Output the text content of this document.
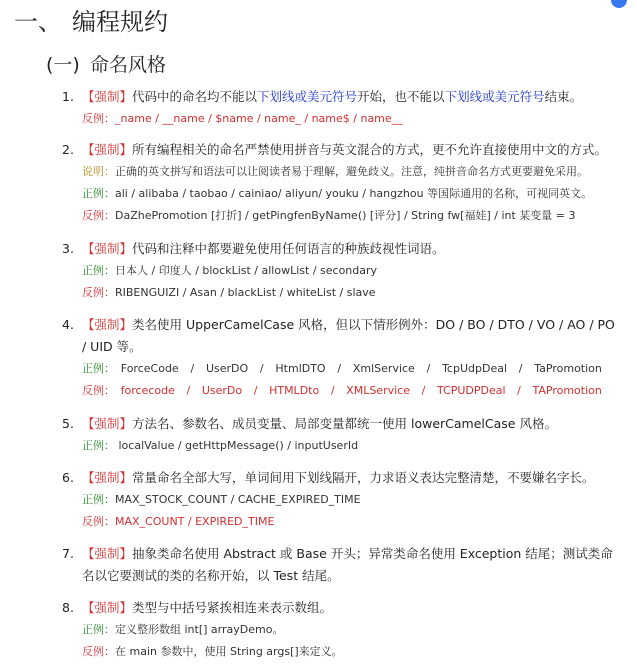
一、 编程规约
(一) 命名风格
1. 【强制】代码中的命名均不能以下划线或美元符号开始，也不能以下划线或美元符号结束。
反例：_name / __name / $name / name_ / name$ / name__
2. 【强制】所有编程相关的命名严禁使用拼音与英文混合的方式，更不允许直接使用中文的方式。
说明：正确的英文拼写和语法可以让阅读者易于理解，避免歧义。注意，纯拼音命名方式更要避免采用。
正例：ali / alibaba / taobao / cainiao/ aliyun/ youku / hangzhou 等国际通用的名称，可视同英文。
反例：DaZhePromotion [打折] / getPingfenByName() [评分] / String fw[福娃] / int 某变量 = 3
3. 【强制】代码和注释中都要避免使用任何语言的种族歧视性词语。
正例：日本人 / 印度人 / blockList / allowList / secondary
反例：RIBENGUIZI / Asan / blackList / whiteList / slave
4. 【强制】类名使用 UpperCamelCase 风格，但以下情形例外：DO / BO / DTO / VO / AO / PO / UID 等。
正例： ForceCode / UserDO / HtmlDTO / XmlService / TcpUdpDeal / TaPromotion
反例： forcecode / UserDo / HTMLDto / XMLService / TCPUDPDeal / TAPromotion
5. 【强制】方法名、参数名、成员变量、局部变量都统一使用 lowerCamelCase 风格。
正例： localValue / getHttpMessage() / inputUserId
6. 【强制】常量命名全部大写，单词间用下划线隔开，力求语义表达完整清楚，不要嫌名字长。
正例：MAX_STOCK_COUNT / CACHE_EXPIRED_TIME
反例：MAX_COUNT / EXPIRED_TIME
7. 【强制】抽象类命名使用 Abstract 或 Base 开头；异常类命名使用 Exception 结尾；测试类命名以它要测试的类的名称开始，以 Test 结尾。
8. 【强制】类型与中括号紧挨相连来表示数组。
正例：定义整形数组 int[] arrayDemo。
反例：在 main 参数中，使用 String args[]来定义。
